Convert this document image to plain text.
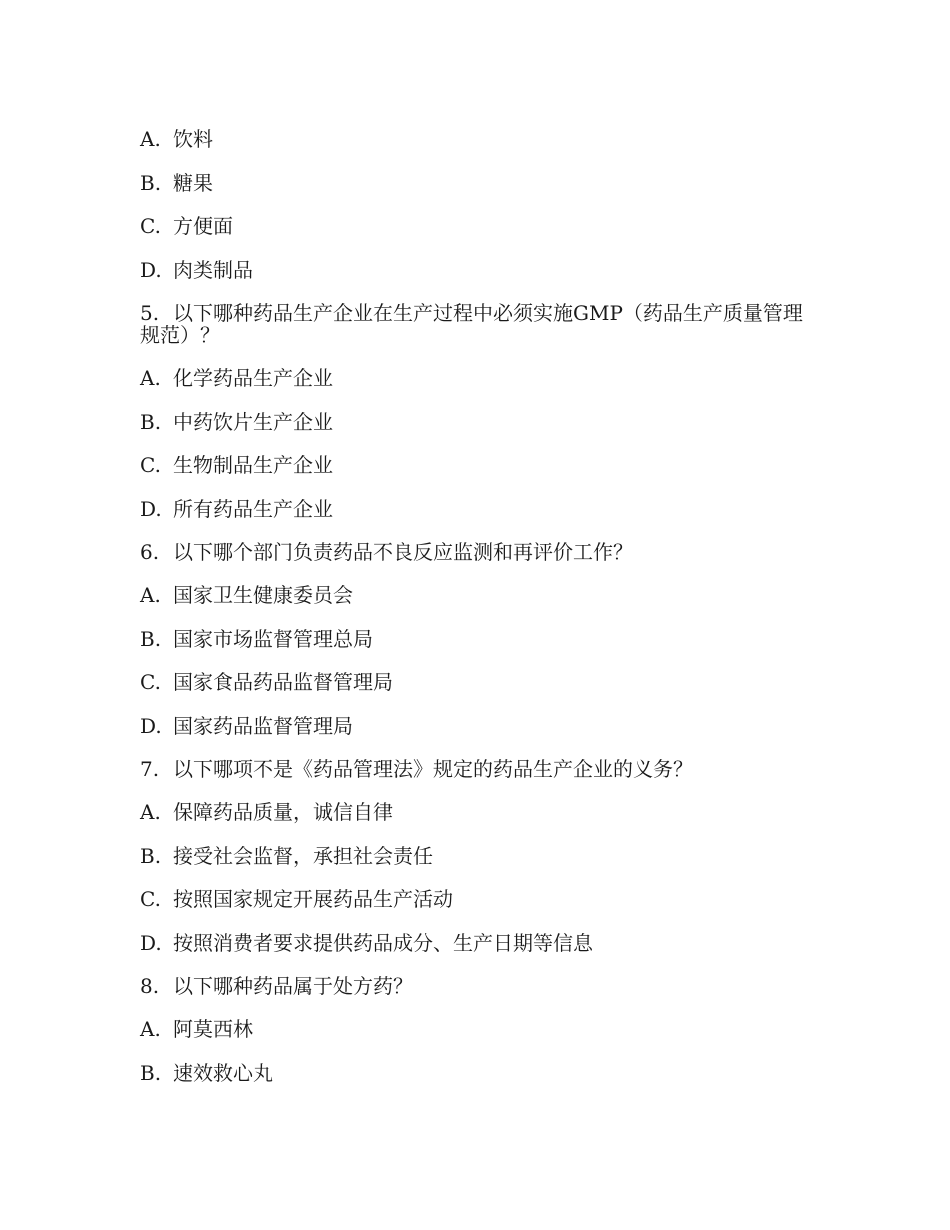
A. 饮料

B. 糖果

C. 方便面

D. 肉类制品

5. 以下哪种药品生产企业在生产过程中必须实施GMP（药品生产质量管理规范）？

A. 化学药品生产企业

B. 中药饮片生产企业

C. 生物制品生产企业

D. 所有药品生产企业

6. 以下哪个部门负责药品不良反应监测和再评价工作？

A. 国家卫生健康委员会

B. 国家市场监督管理总局

C. 国家食品药品监督管理局

D. 国家药品监督管理局

7. 以下哪项不是《药品管理法》规定的药品生产企业的义务？

A. 保障药品质量，诚信自律

B. 接受社会监督，承担社会责任

C. 按照国家规定开展药品生产活动

D. 按照消费者要求提供药品成分、生产日期等信息

8. 以下哪种药品属于处方药？

A. 阿莫西林

B. 速效救心丸
